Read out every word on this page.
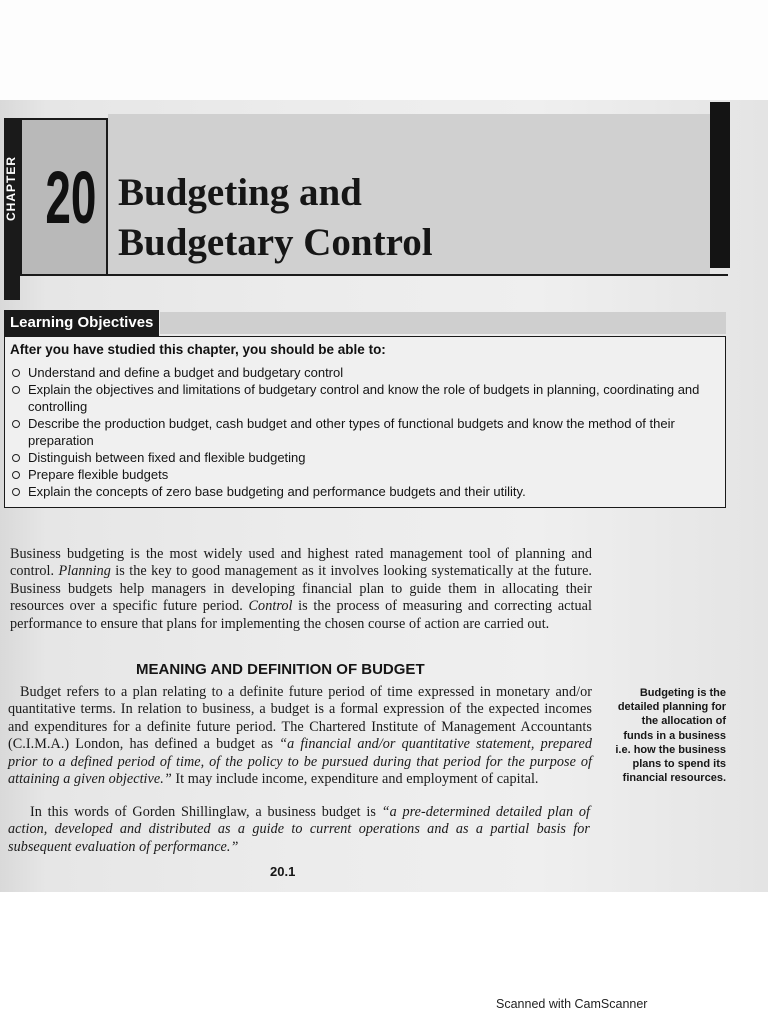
CHAPTER 20 Budgeting and
Budgetary Control
Learning Objectives
After you have studied this chapter, you should be able to:
Understand and define a budget and budgetary control
Explain the objectives and limitations of budgetary control and know the role of budgets in planning, coordinating and controlling
Describe the production budget, cash budget and other types of functional budgets and know the method of their preparation
Distinguish between fixed and flexible budgeting
Prepare flexible budgets
Explain the concepts of zero base budgeting and performance budgets and their utility.

Business budgeting is the most widely used and highest rated management tool of planning and control. Planning is the key to good management as it involves looking systematically at the future. Business budgets help managers in developing financial plan to guide them in allocating their resources over a specific future period. Control is the process of measuring and correcting actual performance to ensure that plans for implementing the chosen course of action are carried out.

MEANING AND DEFINITION OF BUDGET

Budget refers to a plan relating to a definite future period of time expressed in monetary and/or quantitative terms. In relation to business, a budget is a formal expression of the expected incomes and expenditures for a definite future period. The Chartered Institute of Management Accountants (C.I.M.A.) London, has defined a budget as “a financial and/or quantitative statement, prepared prior to a defined period of time, of the policy to be pursued during that period for the purpose of attaining a given objective.” It may include income, expenditure and employment of capital.

In this words of Gorden Shillinglaw, a business budget is “a pre-determined detailed plan of action, developed and distributed as a guide to current operations and as a partial basis for subsequent evaluation of performance.”

Budgeting is the detailed planning for the allocation of funds in a business i.e. how the business plans to spend its financial resources.
20.1
Scanned with CamScanner
